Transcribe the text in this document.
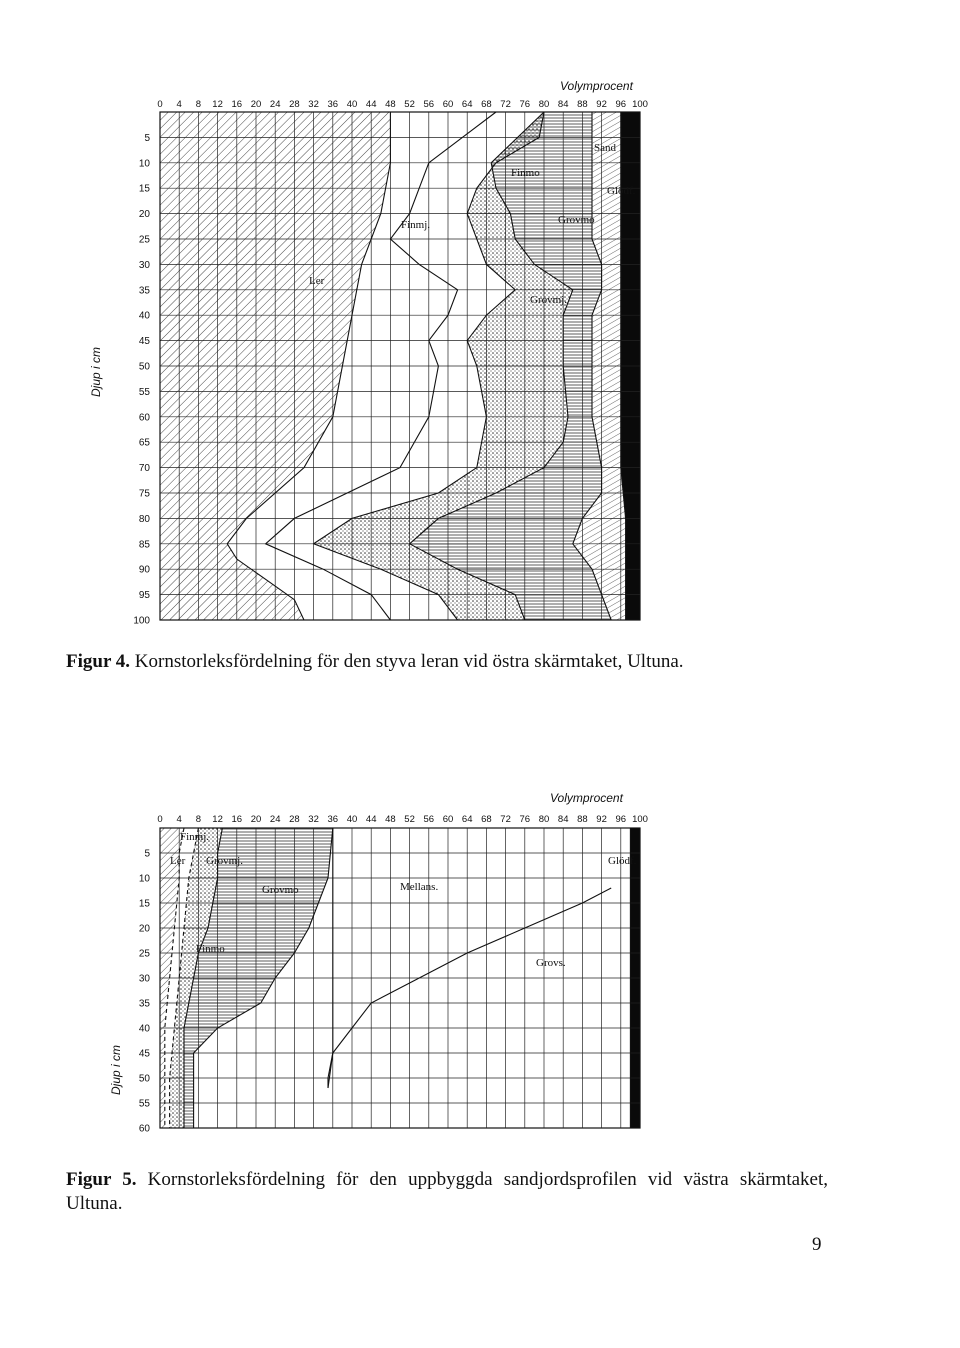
0 4 8 12 16 20 24 28 32 36 40 44 48 52 56 60 64 68 72 76 80 84 88 92 96 100
5
10
15
20
25
30
35
40
45
50
55
60
65
70
75
80
85
90
95
100
Volymprocent
Djup i cm
Sand
Finmo
Glödf.
Grovmo
Finmj.
Ler
Grovmj.
Figur 4. Kornstorleksfördelning för den styva leran vid östra skärmtaket, Ultuna.
0 4 8 12 16 20 24 28 32 36 40 44 48 52 56 60 64 68 72 76 80 84 88 92 96 100
5
10
15
20
25
30
35
40
45
50
55
60
Volymprocent
Djup i cm
Finmj.
Ler Grovmj.
Grovmo	Mellans.
Glödf.
Finmo
Grovs.
Figur 5. Kornstorleksfördelning för den uppbyggda sandjordsprofilen vid västra skärmtaket, Ultuna.
9
